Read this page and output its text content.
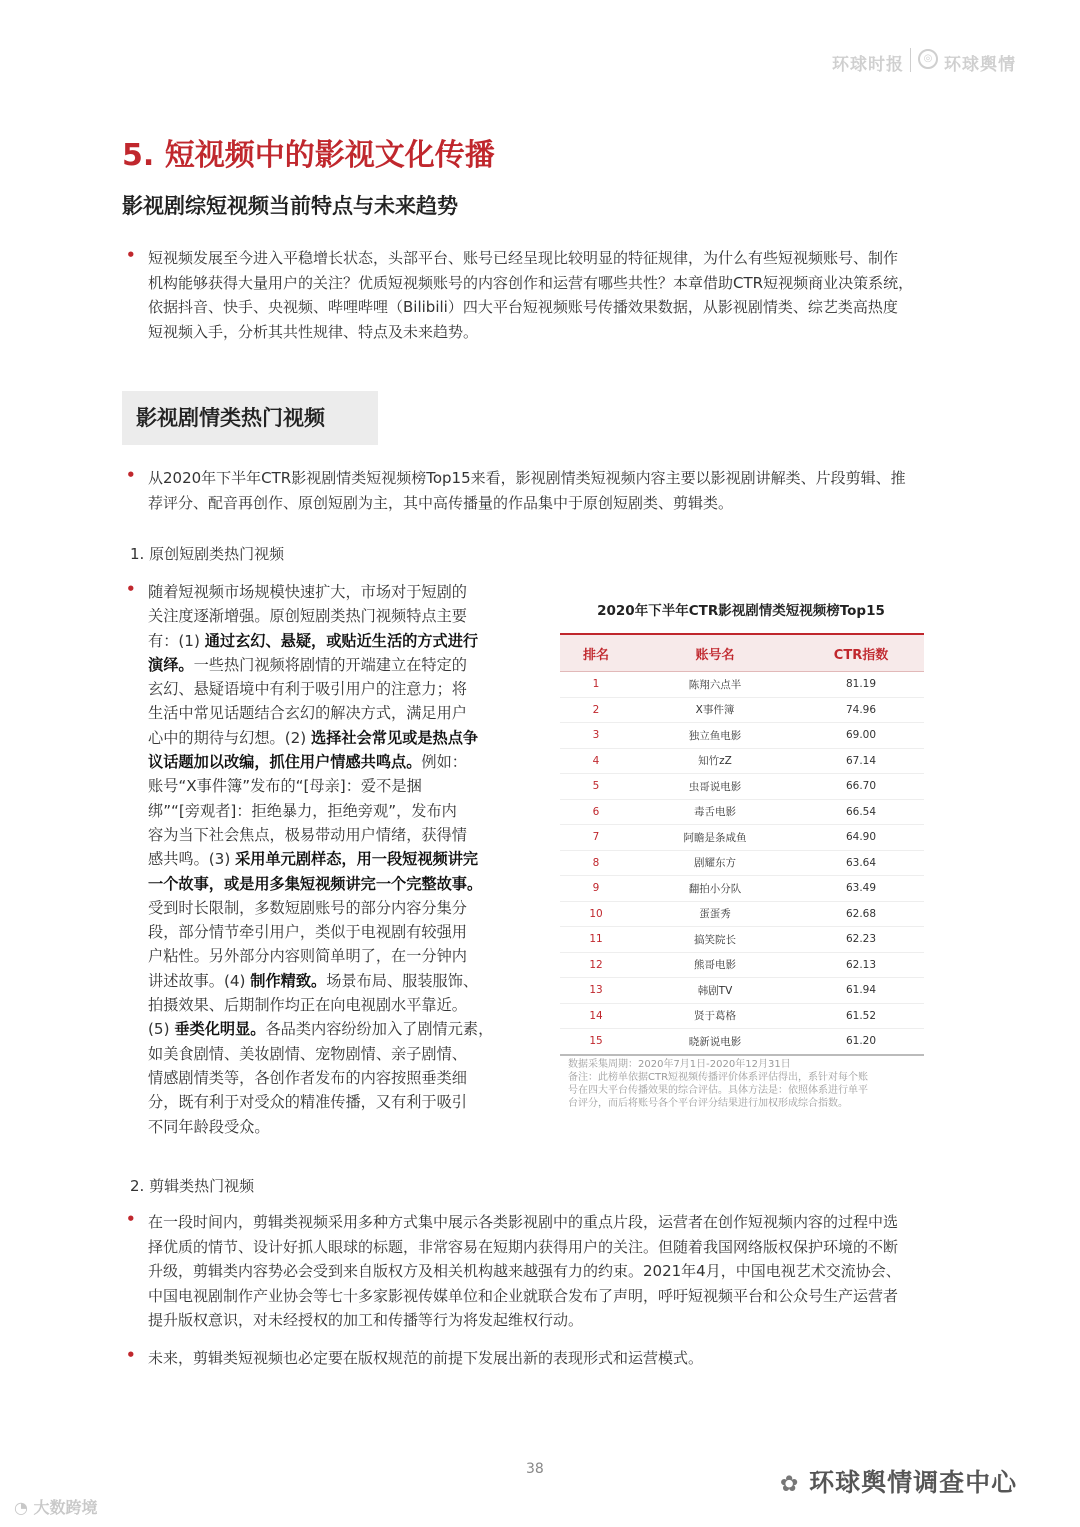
环球时报	◎ 环球舆情
5. 短视频中的影视文化传播
影视剧综短视频当前特点与未来趋势
• 短视频发展至今进入平稳增长状态，头部平台、账号已经呈现比较明显的特征规律，为什么有些短视频账号、制作
机构能够获得大量用户的关注？优质短视频账号的内容创作和运营有哪些共性？本章借助CTR短视频商业决策系统，
依据抖音、快手、央视频、哔哩哔哩（Bilibili）四大平台短视频账号传播效果数据，从影视剧情类、综艺类高热度
短视频入手，分析其共性规律、特点及未来趋势。
影视剧情类热门视频
• 从2020年下半年CTR影视剧情类短视频榜Top15来看，影视剧情类短视频内容主要以影视剧讲解类、片段剪辑、推
荐评分、配音再创作、原创短剧为主，其中高传播量的作品集中于原创短剧类、剪辑类。
1. 原创短剧类热门视频
• 随着短视频市场规模快速扩大，市场对于短剧的
关注度逐渐增强。原创短剧类热门视频特点主要
有：(1) 通过玄幻、悬疑，或贴近生活的方式进行
演绎。一些热门视频将剧情的开端建立在特定的
玄幻、悬疑语境中有利于吸引用户的注意力；将
生活中常见话题结合玄幻的解决方式，满足用户
心中的期待与幻想。(2) 选择社会常见或是热点争
议话题加以改编，抓住用户情感共鸣点。例如：
账号“X事件簿”发布的“[母亲]：爱不是捆
绑”“[旁观者]：拒绝暴力，拒绝旁观”，发布内
容为当下社会焦点，极易带动用户情绪，获得情
感共鸣。(3) 采用单元剧样态，用一段短视频讲完
一个故事，或是用多集短视频讲完一个完整故事。
受到时长限制，多数短剧账号的部分内容分集分
段，部分情节牵引用户，类似于电视剧有较强用
户粘性。另外部分内容则简单明了，在一分钟内
讲述故事。(4) 制作精致。场景布局、服装服饰、
拍摄效果、后期制作均正在向电视剧水平靠近。
(5) 垂类化明显。各品类内容纷纷加入了剧情元素，
如美食剧情、美妆剧情、宠物剧情、亲子剧情、
情感剧情类等，各创作者发布的内容按照垂类细
分，既有利于对受众的精准传播，又有利于吸引
不同年龄段受众。
2020年下半年CTR影视剧情类短视频榜Top15
排名	账号名	CTR指数
1	陈翔六点半	81.19
2	X事件簿	74.96
3	独立鱼电影	69.00
4	知竹zZ	67.14
5	虫哥说电影	66.70
6	毒舌电影	66.54
7	阿瞻是条咸鱼	64.90
8	剧耀东方	63.64
9	翻拍小分队	63.49
10	蛋蛋秀	62.68
11	搞笑院长	62.23
12	熊哥电影	62.13
13	韩剧TV	61.94
14	贤于葛格	61.52
15	晓新说电影	61.20
数据采集周期：2020年7月1日-2020年12月31日
备注：此榜单依据CTR短视频传播评价体系评估得出，系针对每个账
号在四大平台传播效果的综合评估。具体方法是：依照体系进行单平
台评分，而后将账号各个平台评分结果进行加权形成综合指数。
2. 剪辑类热门视频
• 在一段时间内，剪辑类视频采用多种方式集中展示各类影视剧中的重点片段，运营者在创作短视频内容的过程中选
择优质的情节、设计好抓人眼球的标题，非常容易在短期内获得用户的关注。但随着我国网络版权保护环境的不断
升级，剪辑类内容势必会受到来自版权方及相关机构越来越强有力的约束。2021年4月，中国电视艺术交流协会、
中国电视剧制作产业协会等七十多家影视传媒单位和企业就联合发布了声明，呼吁短视频平台和公众号生产运营者
提升版权意识，对未经授权的加工和传播等行为将发起维权行动。
• 未来，剪辑类短视频也必定要在版权规范的前提下发展出新的表现形式和运营模式。
38
✿ 环球舆情调查中心
◔ 大数跨境
